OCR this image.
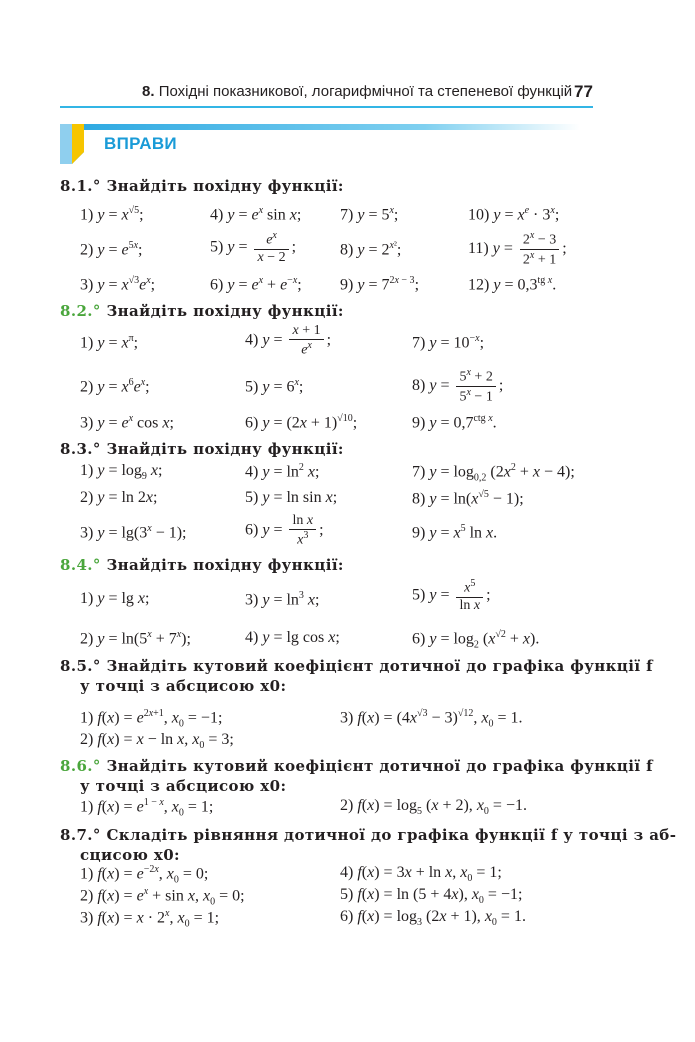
8. Похідні показникової, логарифмічної та степеневої функцій 77
ВПРАВИ
8.1.° Знайдіть похідну функції:
1) $y = x^{√5}$;	4) $y = e^x$ sin x; 7) $y = 5^x$;	10) $y = x^e \cdot 3^x$;
2) $y = e^{5x}$;	5) $y = \frac{e^x}{x - 2}$ ;	8) $y = 2^{x^2}$;	11) $y = \frac{2^x - 3}{2^x + 1}$ ;
3) $y = x^{√3}e^x$;	6) $y = e^x + e^{-x}$; 9) $y = 7^{2x - 3}$;	12) $y = 0,3^{tg x}$.
8.2.° Знайдіть похідну функції:
1) $y = x^\pi$;	4) $y = \frac{x + 1}{e^x}$ ;	7) $y = 10^{-x}$;
2) $y = x^6e^x$;	5) $y = 6^x$;	8) $y = \frac{5^x + 2}{5^x - 1}$ ;
3) $y = e^x$ cos x;	6) $y = (2x + 1)^{√10}$;	9) $y = 0,7^{ctg x}$.
8.3.° Знайдіть похідну функції:
1) $y = \log_9 x$;	4) $y = \ln^2 x$;	7) $y = \log_{0,2} (2x^2 + x - 4)$;
2) y = ln 2x;	5) y = ln sin x;	8) $y = \ln(x^{√5} - 1)$;
3) $y = \lg(3^x - 1)$;	6) $y = \frac{\text{ln x}}{x^3}$ ;	9) $y = x^5$ ln x.
8.4.° Знайдіть похідну функції:
1) y = lg x;	3) $y = \ln^3 x$;	5) $y = \frac{x^5}{\text{ln x}}$ ;
2) $y = \ln(5^x + 7^x)$;	4) y = lg cos x;	6) $y = \log_2 (x^{√2} + x)$.
8.5.° Знайдіть кутовий коефіцієнт дотичної до графіка функції f
у точці з абсцисою x0:
1) $f(x) = e^{2x+1}$, $x_0 = -1$;	3) $f(x) = (4x^{√3} - 3)^{√12}$, $x_0 = 1$.
2) f(x) = x − ln x, $x_0 = 3$;
8.6.° Знайдіть кутовий коефіцієнт дотичної до графіка функції f
у точці з абсцисою x0:
1) $f(x) = e^{1 - x}$, $x_0 = 1$;	2) $f(x) = \log_5 (x + 2)$, $x_0 = -1$.
8.7.° Складіть рівняння дотичної до графіка функції f у точці з аб-
сцисою x0:
1) $f(x) = e^{-2x}$, $x_0 = 0$;	4) f(x) = 3x + ln x, $x_0 = 1$;
2) $f(x) = e^x + \sin x$, $x_0 = 0$;	5) f(x) = ln (5 + 4x), $x_0 = -1$;
3) $f(x) = x \cdot 2^x$, $x_0 = 1$;	6) $f(x) = \log_3 (2x + 1)$, $x_0 = 1$.
